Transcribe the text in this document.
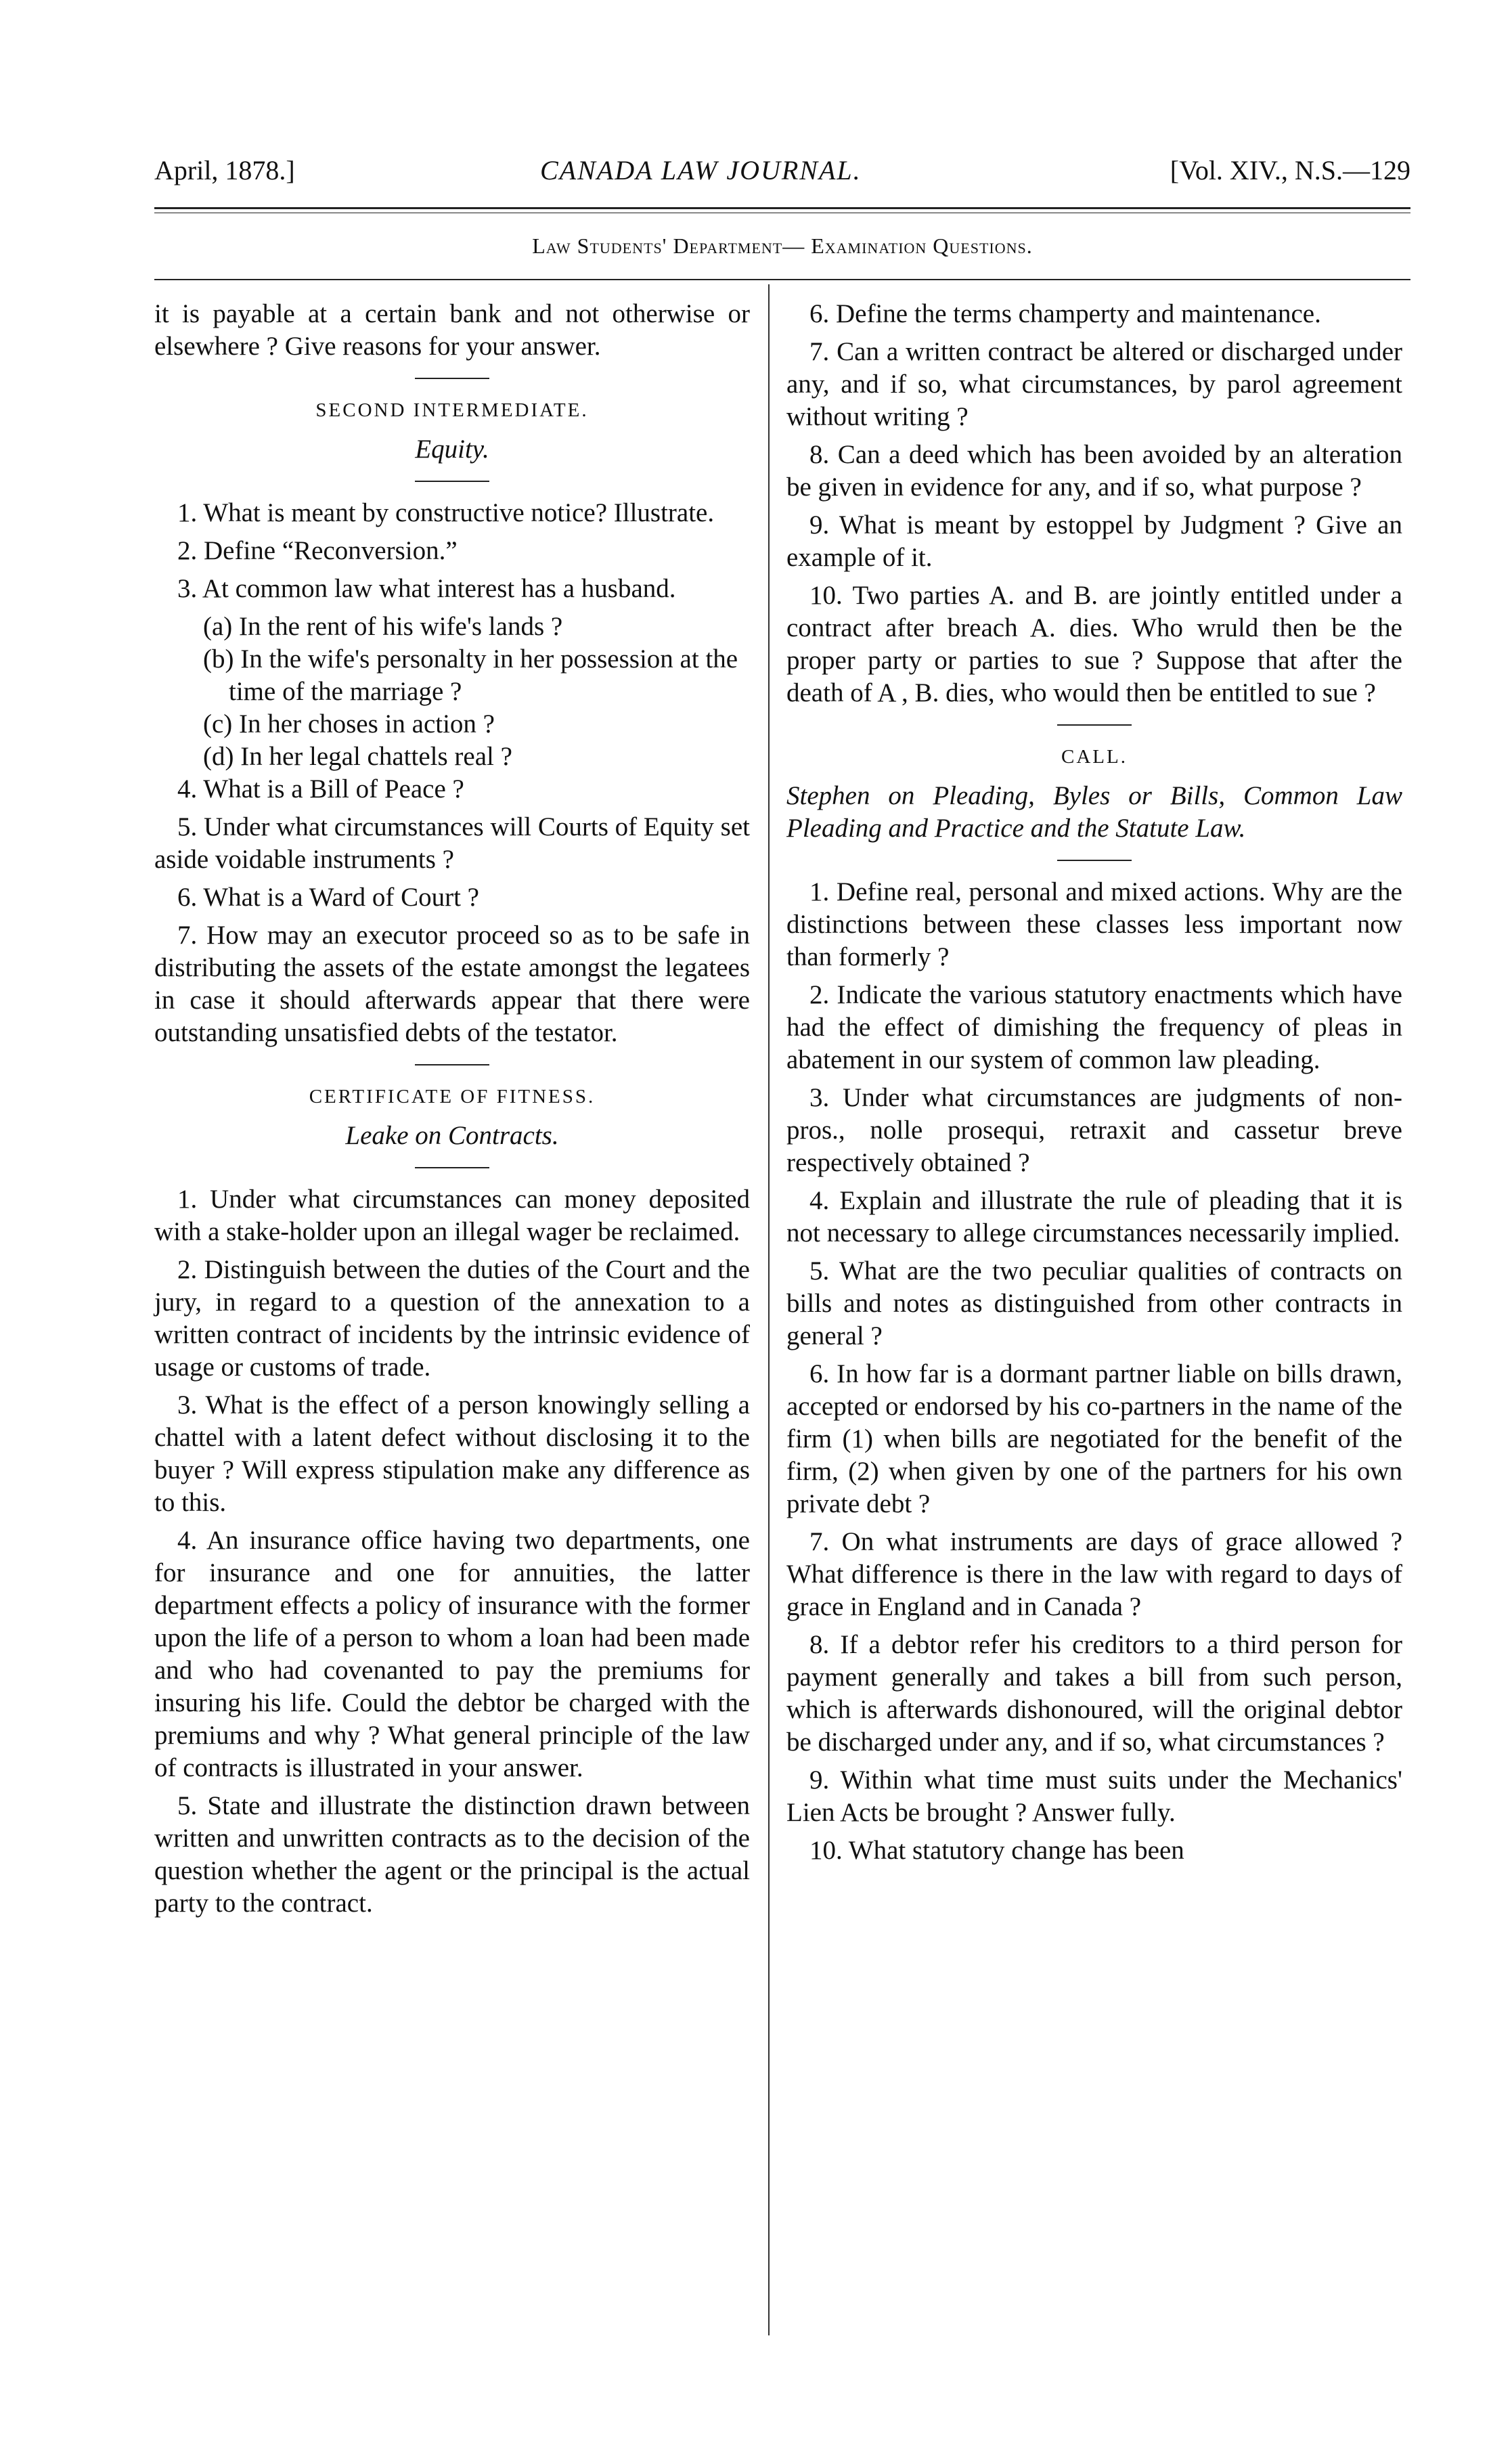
April, 1878.]	CANADA LAW JOURNAL.	[Vol. XIV., N.S.—129
Law Students' Department— Examination Questions.

it is payable at a certain bank and not otherwise or elsewhere ? Give reasons for your answer.

SECOND INTERMEDIATE.
Equity.

1. What is meant by constructive notice? Illustrate.

2. Define “Reconversion.”

3. At common law what interest has a husband.

(a) In the rent of his wife's lands ?

(b) In the wife's personalty in her possession at the time of the marriage ?

(c) In her choses in action ?

(d) In her legal chattels real ?

4. What is a Bill of Peace ?

5. Under what circumstances will Courts of Equity set aside voidable instruments ?

6. What is a Ward of Court ?

7. How may an executor proceed so as to be safe in distributing the assets of the estate amongst the legatees in case it should afterwards appear that there were outstanding unsatisfied debts of the testator.

CERTIFICATE OF FITNESS.
Leake on Contracts.

1. Under what circumstances can money deposited with a stake-holder upon an illegal wager be reclaimed.

2. Distinguish between the duties of the Court and the jury, in regard to a question of the annexation to a written contract of incidents by the intrinsic evidence of usage or customs of trade.

3. What is the effect of a person knowingly selling a chattel with a latent defect without disclosing it to the buyer ? Will express stipulation make any difference as to this.

4. An insurance office having two departments, one for insurance and one for annuities, the latter department effects a policy of insurance with the former upon the life of a person to whom a loan had been made and who had covenanted to pay the premiums for insuring his life. Could the debtor be charged with the premiums and why ? What general principle of the law of contracts is illustrated in your answer.

5. State and illustrate the distinction drawn between written and unwritten contracts as to the decision of the question whether the agent or the principal is the actual party to the contract.

6. Define the terms champerty and maintenance.

7. Can a written contract be altered or discharged under any, and if so, what circumstances, by parol agreement without writing ?

8. Can a deed which has been avoided by an alteration be given in evidence for any, and if so, what purpose ?

9. What is meant by estoppel by Judgment ? Give an example of it.

10. Two parties A. and B. are jointly entitled under a contract after breach A. dies. Who wruld then be the proper party or parties to sue ? Suppose that after the death of A , B. dies, who would then be entitled to sue ?

CALL.
Stephen on Pleading, Byles or Bills, Common Law Pleading and Practice and the Statute Law.

1. Define real, personal and mixed actions. Why are the distinctions between these classes less important now than formerly ?

2. Indicate the various statutory enactments which have had the effect of dimishing the frequency of pleas in abatement in our system of common law pleading.

3. Under what circumstances are judgments of non-pros., nolle prosequi, retraxit and cassetur breve respectively obtained ?

4. Explain and illustrate the rule of pleading that it is not necessary to allege circumstances necessarily implied.

5. What are the two peculiar qualities of contracts on bills and notes as distinguished from other contracts in general ?

6. In how far is a dormant partner liable on bills drawn, accepted or endorsed by his co-partners in the name of the firm (1) when bills are negotiated for the benefit of the firm, (2) when given by one of the partners for his own private debt ?

7. On what instruments are days of grace allowed ? What difference is there in the law with regard to days of grace in England and in Canada ?

8. If a debtor refer his creditors to a third person for payment generally and takes a bill from such person, which is afterwards dishonoured, will the original debtor be discharged under any, and if so, what circumstances ?

9. Within what time must suits under the Mechanics' Lien Acts be brought ? Answer fully.

10. What statutory change has been
